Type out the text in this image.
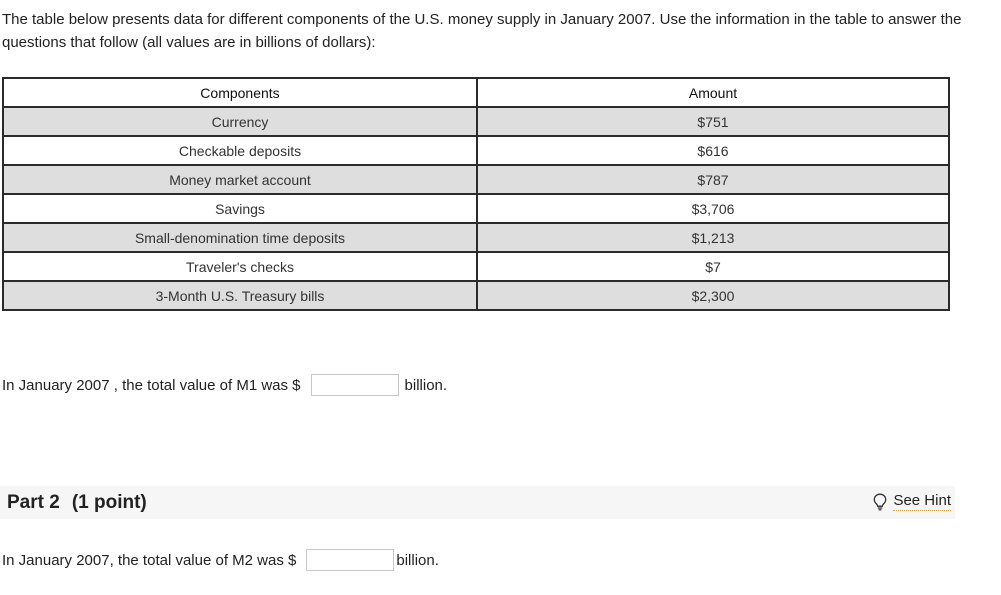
The table below presents data for different components of the U.S. money supply in January 2007. Use the information in the table to answer the questions that follow (all values are in billions of dollars):
Components	Amount
Currency	$751
Checkable deposits	$616
Money market account	$787
Savings	$3,706
Small-denomination time deposits	$1,213
Traveler's checks	$7
3-Month U.S. Treasury bills	$2,300
In January 2007 , the total value of M1 was $	billion.
Part 2 (1 point)	See Hint
In January 2007, the total value of M2 was $	billion.
